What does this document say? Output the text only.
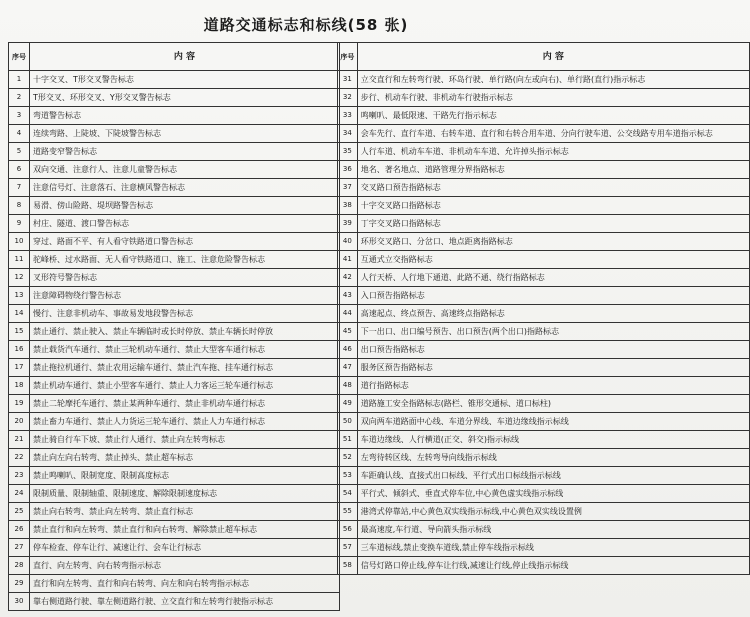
道路交通标志和标线(58 张)
序号	内 容
1	十字交叉、T形交叉警告标志
2	T形交叉、环形交叉、Y形交叉警告标志
3	弯道警告标志
4	连续弯路、上陡坡、下陡坡警告标志
5	道路变窄警告标志
6	双向交通、注意行人、注意儿童警告标志
7	注意信号灯、注意落石、注意横风警告标志
8	易滑、傍山险路、堤坝路警告标志
9	村庄、隧道、渡口警告标志
10	穿过、路面不平、有人看守铁路道口警告标志
11	驼峰桥、过水路面、无人看守铁路道口、施工、注意危险警告标志
12	叉形符号警告标志
13	注意障碍物绕行警告标志
14	慢行、注意非机动车、事故易发地段警告标志
15	禁止通行、禁止驶入、禁止车辆临时或长时停放、禁止车辆长时停放
16	禁止载货汽车通行、禁止三轮机动车通行、禁止大型客车通行标志
17	禁止拖拉机通行、禁止农用运输车通行、禁止汽车拖、挂车通行标志
18	禁止机动车通行、禁止小型客车通行、禁止人力客运三轮车通行标志
19	禁止二轮摩托车通行、禁止某两种车通行、禁止非机动车通行标志
20	禁止畜力车通行、禁止人力货运三轮车通行、禁止人力车通行标志
21	禁止骑自行车下坡、禁止行人通行、禁止向左转弯标志
22	禁止向左向右转弯、禁止掉头、禁止超车标志
23	禁止鸣喇叭、限制宽度、限制高度标志
24	限制质量、限制轴重、限制速度、解除限制速度标志
25	禁止向右转弯、禁止向左转弯、禁止直行标志
26	禁止直行和向左转弯、禁止直行和向右转弯、解除禁止超车标志
27	停车检查、停车让行、减速让行、会车让行标志
28	直行、向左转弯、向右转弯指示标志
29	直行和向左转弯、直行和向右转弯、向左和向右转弯指示标志
30	靠右侧道路行驶、靠左侧道路行驶、立交直行和左转弯行驶指示标志
序号	内 容
31	立交直行和左转弯行驶、环岛行驶、单行路(向左或向右)、单行路(直行)指示标志
32	步行、机动车行驶、非机动车行驶指示标志
33	鸣喇叭、最低限速、干路先行指示标志
34	会车先行、直行车道、右转车道、直行和右转合用车道、分向行驶车道、公交线路专用车道指示标志
35	人行车道、机动车车道、非机动车车道、允许掉头指示标志
36	地名、著名地点、道路管理分界指路标志
37	交叉路口预告指路标志
38	十字交叉路口指路标志
39	丁字交叉路口指路标志
40	环形交叉路口、分岔口、地点距离指路标志
41	互通式立交指路标志
42	人行天桥、人行地下通道、此路不通、绕行指路标志
43	入口预告指路标志
44	高速起点、终点预告、高速终点指路标志
45	下一出口、出口编号预告、出口预告(两个出口)指路标志
46	出口预告指路标志
47	服务区预告指路标志
48	道行指路标志
49	道路施工安全指路标志(路栏、锥形交通标、道口标柱)
50	双向两车道路面中心线、车道分界线、车道边缘线指示标线
51	车道边缘线、人行横道(正交、斜交)指示标线
52	左弯待转区线、左转弯导向线指示标线
53	车距确认线、直接式出口标线、平行式出口标线指示标线
54	平行式、倾斜式、垂直式停车位,中心黄色虚实线指示标线
55	港湾式停靠站,中心黄色双实线指示标线,中心黄色双实线设置例
56	最高速度,车行道、导向箭头指示标线
57	三车道标线,禁止变换车道线,禁止停车线指示标线
58	信号灯路口停止线,停车让行线,减速让行线,停止线指示标线
